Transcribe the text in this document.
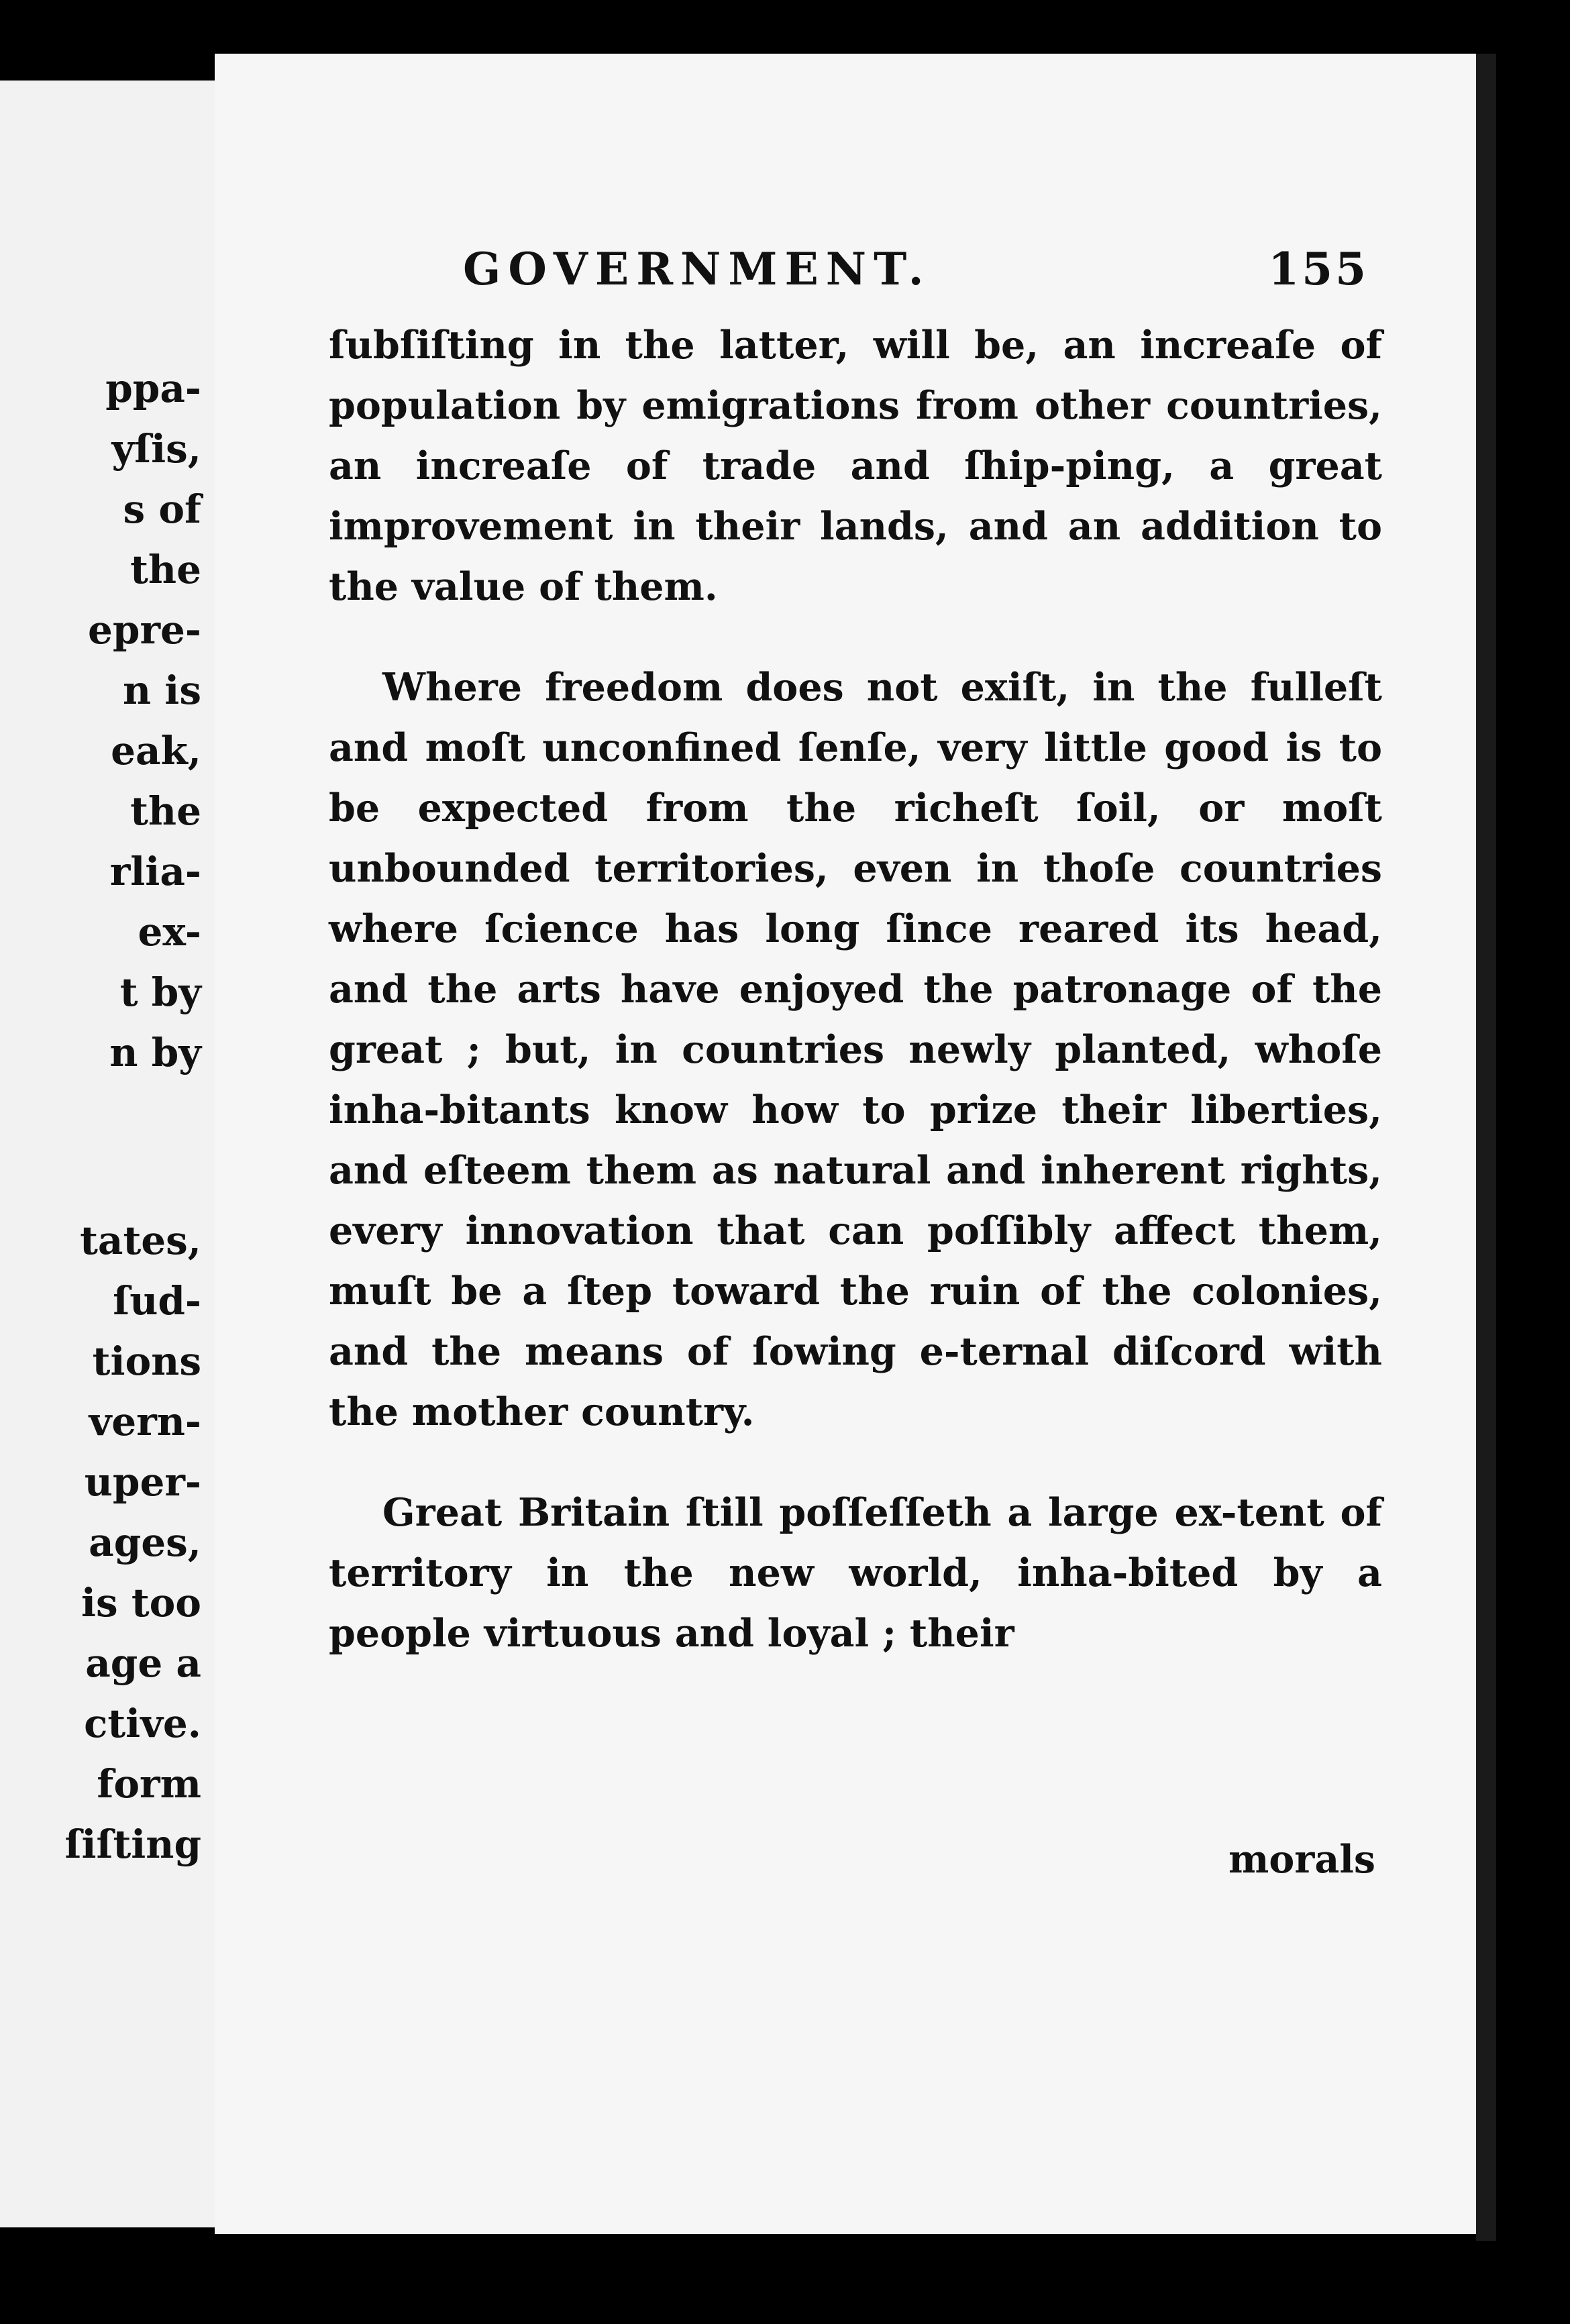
ppa-
yſis,
s of
the
epre-
n is
eak,
the
rlia-
ex-
t by
n by
tates,
ſud-
tions
vern-
uper-
ages,
is too
age a
ctive.
form
ſiſting
GOVERNMENT.	155

ſubſiſting in the latter, will be, an increaſe of population by emigrations from other countries, an increaſe of trade and ſhip-ping, a great improvement in their lands, and an addition to the value of them.

Where freedom does not exiſt, in the fulleſt and moſt unconfined ſenſe, very little good is to be expected from the richeſt ſoil, or moſt unbounded territories, even in thoſe countries where ſcience has long ſince reared its head, and the arts have enjoyed the patronage of the great ; but, in countries newly planted, whoſe inha-bitants know how to prize their liberties, and eſteem them as natural and inherent rights, every innovation that can poſſibly affect them, muſt be a ſtep toward the ruin of the colonies, and the means of ſowing e-ternal diſcord with the mother country.

Great Britain ſtill poſſeſſeth a large ex-tent of territory in the new world, inha-bited by a people virtuous and loyal ; their

morals
